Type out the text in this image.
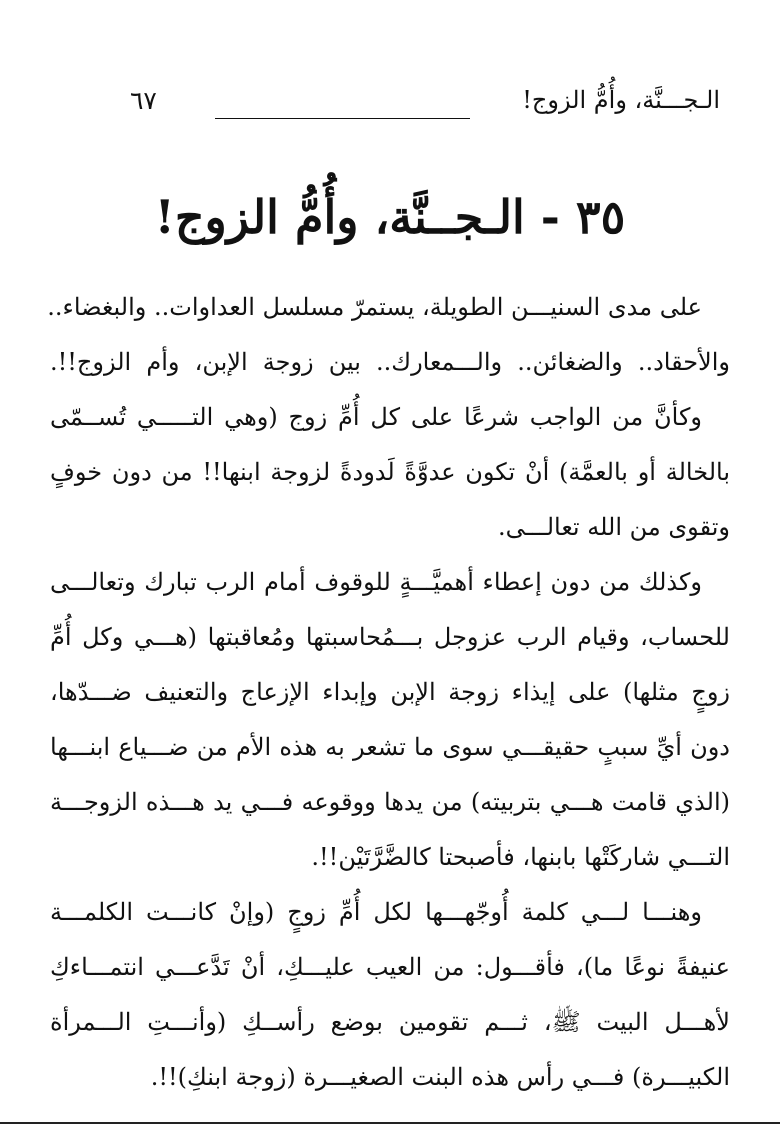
الـجـــنَّة، وأُمُّ الزوج!
٦٧
٣٥ - الـجــنَّة، وأُمُّ الزوج!
على مدى السنيـــن الطويلة، يستمرّ مسلسل العداوات.. والبغضاء..
والأحقاد.. والضغائن.. والـــمعارك.. بين زوجة الإبن، وأم الزوج!!.
وكأنَّ من الواجب شرعًا على كل أُمِّ زوج (وهي التـــــي تُســمّى
بالخالة أو بالعمَّة) أنْ تكون عدوَّةً لَدودةً لزوجة ابنها!! من دون خوفٍ
وتقوى من الله تعالـــى.
وكذلك من دون إعطاء أهميَّـــةٍ للوقوف أمام الرب تبارك وتعالـــى
للحساب، وقيام الرب عزوجل بـــمُحاسبتها ومُعاقبتها (هـــي وكل أُمِّ
زوجٍ مثلها) على إيذاء زوجة الإبن وإبداء الإزعاج والتعنيف ضـــدّها،
دون أيِّ سببٍ حقيقـــي سوى ما تشعر به هذه الأم من ضـــياع ابنـــها
(الذي قامت هـــي بتربيته) من يدها ووقوعه فـــي يد هـــذه الزوجـــة
التـــي شاركَتْها بابنها، فأصبحتا كالضَّرَّتَيْن!!.
وهنـــا لـــي كلمة أُوجّهـــها لكل أُمِّ زوجٍ (وإنْ كانـــت الكلمـــة
عنيفةً نوعًا ما)، فأقـــول: من العيب عليـــكِ، أنْ تَدَّعـــي انتمـــاءكِ
لأهـــل البيت ﷺ، ثـــم تقومين بوضع رأســكِ (وأنـــتِ الـــمرأة
الكبيـــرة) فـــي رأس هذه البنت الصغيـــرة (زوجة ابنكِ)!!.
